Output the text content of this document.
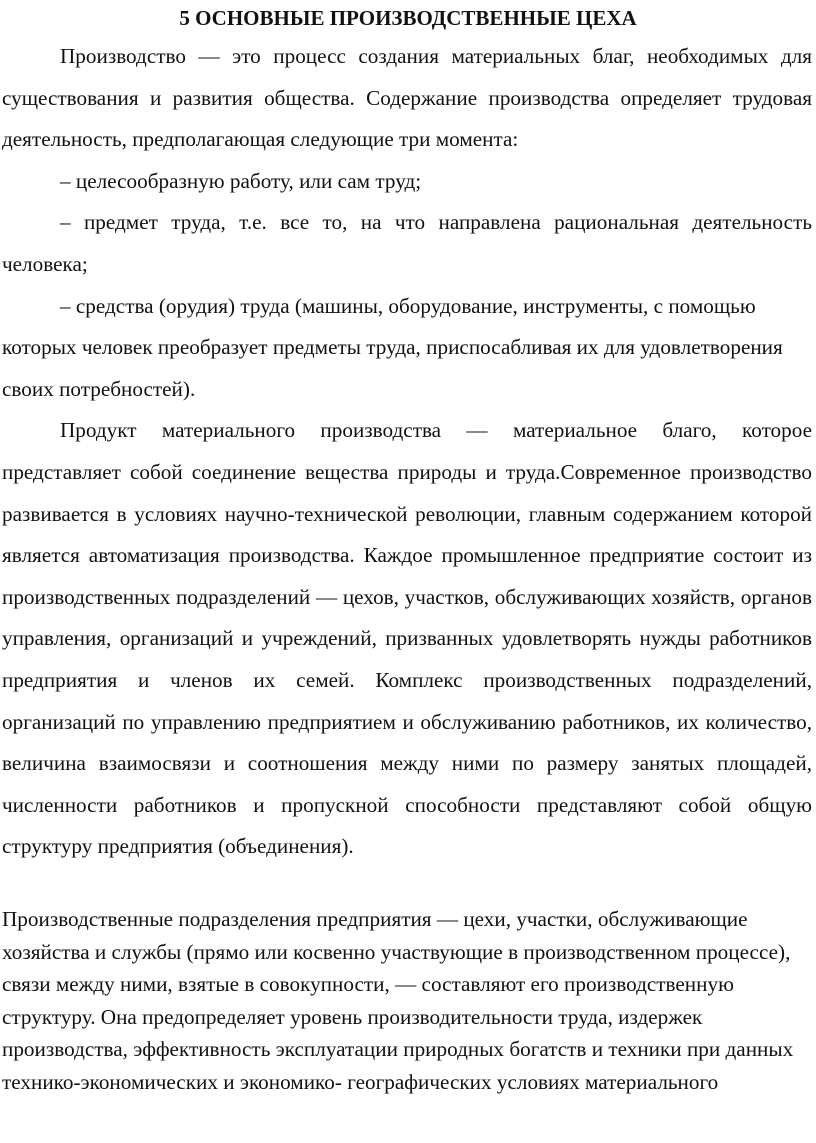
5 ОСНОВНЫЕ ПРОИЗВОДСТВЕННЫЕ ЦЕХА

Производство — это процесс создания материальных благ, необходимых для существования и развития общества. Содержание производства определяет трудовая деятельность, предполагающая следующие три момента:

– целесообразную работу, или сам труд;

– предмет труда, т.е. все то, на что направлена рациональная деятельность человека;

– средства (орудия) труда (машины, оборудование, инструменты, с помощью которых человек преобразует предметы труда, приспосабливая их для удовлетворения своих потребностей).

Продукт материального производства — материальное благо, которое представляет собой соединение вещества природы и труда.Современное производство развивается в условиях научно-технической революции, главным содержанием которой является автоматизация производства. Каждое промышленное предприятие состоит из производственных подразделений — цехов, участков, обслуживающих хозяйств, органов управления, организаций и учреждений, призванных удовлетворять нужды работников предприятия и членов их семей. Комплекс производственных подразделений, организаций по управлению предприятием и обслуживанию работников, их количество, величина взаимосвязи и соотношения между ними по размеру занятых площадей, численности работников и пропускной способности представляют собой общую структуру предприятия (объединения).

Производственные подразделения предприятия — цехи, участки, обслуживающие хозяйства и службы (прямо или косвенно участвующие в производственном процессе), связи между ними, взятые в совокупности, — составляют его производственную структуру. Она предопределяет уровень производительности труда, издержек производства, эффективность эксплуатации природных богатств и техники при данных технико-экономических и экономико- географических условиях материального
